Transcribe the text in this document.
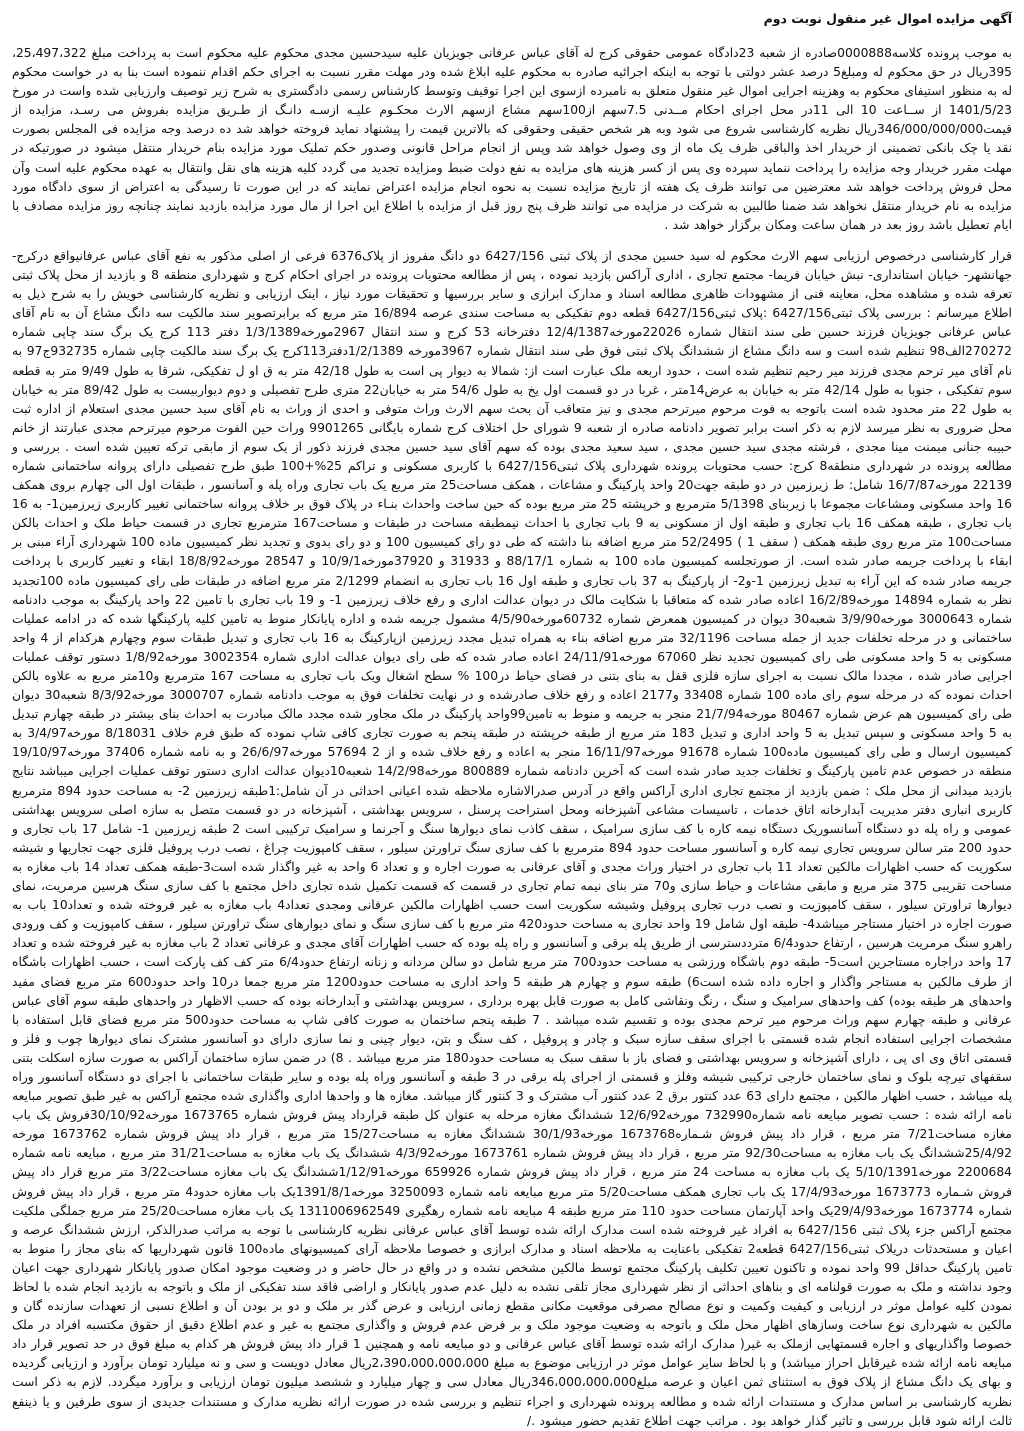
آگهی مزایده اموال غیر منقول نوبت دوم

به موجب پرونده کلاسه0000888صادره از شعبه 23دادگاه عمومی حقوقی کرج له آقای عباس عرفانی جویزیان علیه سیدحسین مجدی محکوم علیه محکوم است به پرداخت مبلغ 25،497،322، 395ریال در حق محکوم له ومبلغ5 درصد عشر دولتی با توجه به اینکه اجرائیه صادره به محکوم علیه ابلاغ شده ودر مهلت مقرر نسبت به اجرای حکم اقدام ننموده است بنا به در خواست محکوم له به منظور استیفای محکوم به وهزینه اجرایی اموال غیر منقول متعلق به نامبرده ازسوی این اجرا توقیف وتوسط کارشناس رسمی دادگستری به شرح زیر توصیف وارزیابی شده واست در مورخ 1401/5/23 از ســاعت 10 الی 11در محل اجرای احکام مــدنی 7.5سهم از100سهم مشاع ازسهم الارث محکـوم علیـه ازسـه دانـگ از طـریق مزایده بفروش می رسـد، مزایده از قیمت346/000/000/000ریال نظریه کارشناسی شروع می شود وبه هر شخص حقیقی وحقوقی که بالاترین قیمت را پیشنهاد نماید فروخته خواهد شد ده درصد وجه مزایده فی المجلس بصورت نقد یا چک بانکی تضمینی از خریدار اخذ والباقی ظرف یک ماه از وی وصول خواهد شد وپس از انجام مراحل قانونی وصدور حکم تملیک مورد مزایده بنام خریدار منتقل میشود در صورتیکه در مهلت مقرر خریدار وجه مزایده را پرداخت ننماید سپرده وی پس از کسر هزینه های مزایده به نفع دولت ضبط ومزایده تجدید می گردد کلیه هزینه های نقل وانتقال به عهده محکوم علیه است وآن محل فروش پرداخت خواهد شد معترضین می توانند ظرف یک هفته از تاریخ مزایده نسبت به نحوه انجام مزایده اعتراض نمایند که در این صورت تا رسیدگی به اعتراض از سوی دادگاه مورد مزایده به نام خریدار منتقل نخواهد شد ضمنا طالبین به شرکت در مزایده می توانند ظرف پنج روز قبل از مزایده با اطلاع این اجرا از مال مورد مزایده بازدید نمایند چنانچه روز مزایده مصادف با ایام تعطیل باشد روز بعد در همان ساعت ومکان برگزار خواهد شد .

قرار کارشناسی درخصوص ارزیابی سهم الارث محکوم له سید حسین مجدی از پلاک ثبتی 6427/156 دو دانگ مفروز از پلاک6376 فرعی از اصلی مذکور به نفع آقای عباس عرفانیواقع درکرج-جهانشهر- خیابان استانداری- نبش خیابان فریما- مجتمع تجاری ، اداری آراکس بازدید نموده ، پس از مطالعه محتویات پرونده در اجرای احکام کرج و شهرداری منطقه 8 و بازدید از محل پلاک ثبتی تعرفه شده و مشاهده محل، معاینه فنی از مشهودات ظاهری مطالعه اسناد و مدارک ابرازی و سایر بررسیها و تحقیقات مورد نیاز ، اینک ارزیابی و نظریه کارشناسی خویش را به شرح ذیل به اطلاع میرسانم : بررسی پلاک ثبتی6427/156 :پلاک ثبتی6427/156 قطعه دوم تفکیکی به مساحت سندی عرصه 16/894 متر مربع که برابرتصویر سند مالکیت سه دانگ مشاع آن به نام آقای عباس عرفانی جویزیان فرزند حسین طی سند انتقال شماره 22026مورخه12/4/1387 دفترخانه 53 کرج و سند انتقال 2967مورخه1/3/1389 دفتر 113 کرج یک برگ سند چاپی شماره 270272الف98 تنظیم شده است و سه دانگ مشاع از ششدانگ پلاک ثبتی فوق طی سند انتقال شماره 3967مورخه 1/2/1389دفتر113کرج یک برگ سند مالکیت چاپی شماره 932735ج97 به نام آقای میر ترحم مجدی فرزند میر رحیم تنظیم شده است ، حدود اربعه ملک عبارت است از: شمالا به دیوار پی است به طول 42/18 متر به ق او ل تفکیکی، شرقا به طول 9/49 متر به قطعه سوم تفکیکی ، جنوبا به طول 42/14 متر به خیابان به عرض14متر ، غربا در دو قسمت اول یخ به طول 54/6 متر به خیابان22 متری طرح تفصیلی و دوم دیواربیست به طول 89/42 متر به خیابان به طول 22 متر محدود شده است باتوجه به فوت مرحوم میرترحم مجدی و نیز متعاقب آن بحث سهم الارث وراث متوفی و احدی از وراث به نام آقای سید حسین مجدی استعلام از اداره ثبت محل ضروری به نظر میرسد لازم به ذکر است برابر تصویر دادنامه صادره از شعبه 9 شورای حل اختلاف کرج شماره بایگانی 9901265 وراث حین الفوت مرحوم میرترحم مجدی عبارتند از خانم حبیبه جنانی میمنت مینا مجدی ، فرشته مجدی سید حسین مجدی ، سید سعید مجدی بوده که سهم آقای سید حسین مجدی فرزند ذکور از یک سوم از مابقی ترکه تعیین شده است . بررسی و مطالعه پرونده در شهرداری منطقه8 کرج: حسب محتویات پرونده شهرداری پلاک ثبتی6427/156 با کاربری مسکونی و تراکم 25%+100 طبق طرح تفصیلی دارای پروانه ساختمانی شماره 22139 مورخه16/7/87 شامل: ط زیرزمین در دو طبقه جهت20 واحد پارکینگ و مشاعات ، همکف مساحت25 متر مربع یک باب تجاری وراه پله و آسانسور ، طبقات اول الی چهارم بروی همکف 16 واحد مسکونی ومشاعات مجموعا با زیربنای 5/1398 مترمربع و خرپشته 25 متر مربع بوده که حین ساخت واحداث بنـاء در پلاک فوق بر خلاف پروانه ساختمانی تغییر کاربری زیرزمین1- به 16 باب تجاری ، طبقه همکف 16 باب تجاری و طبقه اول از مسکونی به 9 باب تجاری با احداث نیمطبقه مساحت در طبقات و مساحت167 مترمربع تجاری در قسمت حیاط ملک و احداث بالکن مساحت100 متر مربع روی طبقه همکف ( سقف 1 ) 52/2495 متر مربع اضافه بنا داشته که طی دو رای کمیسیون 100 و دو رای بدوی و تجدید نظر کمیسیون ماده 100 شهرداری آراء مبنی بر ابقاء با پرداخت جریمه صادر شده است. از صورتجلسه کمیسیون ماده 100 به شماره 88/17/1 و 31933 و 37920مورخه10/9/1 و 28547 مورخه18/8/92 ابقاء و تغییر کاربری با پرداخت جریمه صادر شده که این آراء به تبدیل زیرزمین 1-و2- از پارکینگ به 37 باب تجاری و طبقه اول 16 باب تجاری به انضمام 2/1299 متر مربع اضافه در طبقات طی رای کمیسیون ماده 100تجدید نظر به شماره 14894 مورخه16/2/89 اعاده صادر شده که متعاقبا با شکایت مالک در دیوان عدالت اداری و رفع خلاف زیرزمین 1- و 19 باب تجاری با تامین 22 واحد پارکینگ به موجب دادنامه شماره 3000643 مورخه3/9/90 شعبه30 دیوان در کمیسیون همعرض شماره 60732مورخه4/5/90 مشمول جریمه شده و اداره پایانکار منوط به تامین کلیه پارکینگها شده که در ادامه عملیات ساختمانی و در مرحله تخلفات جدید از جمله مساحت 32/1196 متر مربع اضافه بناء به همراه تبدیل مجدد زیرزمین ازپارکینگ به 16 باب تجاری و تبدیل طبقات سوم وچهارم هرکدام از 4 واحد مسکونی به 5 واحد مسکونی طی رای کمیسیون تجدید نظر 67060 مورخه24/11/91 اعاده صادر شده که طی رای دیوان عدالت اداری شماره 3002354 مورخه1/8/92 دستور توقف عملیات اجرایی صادر شده ، مجددا مالک نسبت به اجرای سازه فلزی قفل به بنای بتنی در فضای حیاط در100 % سطح اشغال ویک باب تجاری به مساحت 167 مترمربع و10متر مربع به علاوه بالکن احداث نموده که در مرحله سوم رای ماده 100 شماره 33408 و2177 اعاده و رفع خلاف صادرشده و در نهایت تخلفات فوق به موجب دادنامه شماره 3000707 مورخه8/3/92 شعبه30 دیوان طی رای کمیسیون هم عرض شماره 80467 مورخه21/7/94 منجر به جریمه و منوط به تامین99واحد پارکینگ در ملک مجاور شده مجدد مالک مبادرت به احداث بنای بیشتر در طبقه چهارم تبدیل به 5 واحد مسکونی و سپس تبدیل به 5 واحد اداری و تبدیل 183 متر مربع از طبقه خرپشته در طبقه پنجم به صورت تجاری کافی شاپ نموده که طبق فرم خلاف 8/18031 مورخه3/4/97 به کمیسیون ارسال و طی رای کمیسیون ماده100 شماره 91678 مورخه16/11/97 منجر به اعاده و رفع خلاف شده و از 2 57694 مورخه26/6/97 و به نامه شماره 37406 مورخه19/10/97 منطقه در خصوص عدم تامین پارکینگ و تخلفات جدید صادر شده است که آخرین دادنامه شماره 800889 مورخه14/2/98 شعبه10دیوان عدالت اداری دستور توقف عملیات اجرایی میباشد نتایج بازدید میدانی از محل ملک : ضمن بازدید از مجتمع تجاری اداری آراکس واقع در آدرس صدرالاشاره ملاحظه شده اعیانی احداثی در آن شامل:1طبقه زیرزمین 2- به مساحت حدود 894 مترمربع کاربری انباری دفتر مدیریت آبدارخانه اتاق خدمات ، تاسیسات مشاعی آشپزخانه ومحل استراحت پرسنل ، سرویس بهداشتی ، آشپزخانه در دو قسمت متصل به سازه اصلی سرویس بهداشتی عمومی و راه پله دو دستگاه آسانسوریک دستگاه نیمه کاره با کف سازی سرامیک ، سقف کاذب نمای دیوارها سنگ و آجرنما و سرامیک ترکیبی است 2 طبقه زیرزمین 1- شامل 17 باب تجاری و حدود 200 متر سالن سرویس تجاری نیمه کاره و آسانسور مساحت حدود 894 مترمربع با کف سازی سنگ تراورتن سیلور ، سقف کامپوزیت چراغ ، نصب درب پروفیل فلزی جهت تجاریها و شیشه سکوریت که حسب اظهارات مالکین تعداد 11 باب تجاری در اختیار وراث مجدی و آقای عرفانی به صورت اجاره و و تعداد 6 واحد به غیر واگذار شده است3-طبقه همکف تعداد 14 باب مغازه به مساحت تقریبی 375 متر مربع و مابقی مشاعات و حیاط سازی و70 متر بنای نیمه تمام تجاری در قسمت که قسمت تکمیل شده تجاری داخل مجتمع با کف سازی سنگ هرسین مرمریت، نمای دیوارها تراورتن سیلور ، سقف کامپوزیت و نصب درب تجاری پروفیل وشیشه سکوریت است حسب اظهارات مالکین عرفانی ومجدی تعداد4 باب مغازه به غیر فروخته شده و تعداد10 باب به صورت اجاره در اختیار مستاجر میباشد4- طبقه اول شامل 19 واحد تجاری به مساحت حدود420 متر مربع با کف سازی سنگ و نمای دیوارهای سنگ تراورتن سیلور ، سقف کامپوزیت و کف ورودی راهرو سنگ مرمریت هرسین ، ارتفاع حدود6/4 مترددسترسی از طریق پله برقی و آسانسور و راه پله بوده که حسب اظهارات آقای مجدی و عرفانی تعداد 2 باب مغازه به غیر فروخته شده و تعداد 17 واحد دراجاره مستاجرین است5- طبقه دوم باشگاه ورزشی به مساحت حدود700 متر مربع شامل دو سالن مردانه و زنانه ارتفاع حدود6/4 متر کف کف پارکت است ، حسب اظهارات باشگاه از طرف مالکین به مستاجر واگذار و اجاره داده شده است6) طبقه سوم و چهارم هر طبقه 5 واحد اداری به مساحت حدود1200 متر مربع جمعا در10 واحد حدود600 متر مربع فضای مفید واحدهای هر طبقه بوده) کف واحدهای سرامیک و سنگ ، رنگ ونقاشی کامل به صورت قابل بهره برداری ، سرویس بهداشتی و آبدارخانه بوده که حسب الاظهار در واحدهای طبقه سوم آقای عباس عرفانی و طبقه چهارم سهم وراث مرحوم میر ترحم مجدی بوده و تقسیم شده میباشد . 7 طبقه پنجم ساختمان به صورت کافی شاپ به مساحت حدود500 متر مربع فضای قابل استفاده با مشخصات اجرایی استفاده انجام شده قسمتی با اجرای سقف سازه سبک و چادر و پروفیل ، کف سنگ و بتن، دیوار چینی و نما سازی دارای دو آسانسور مشترک نمای دیوارها چوب و فلز و قسمتی اتاق وی ای پی ، دارای آشپزخانه و سرویس بهداشتی و فضای باز با سقف سبک به مساحت حدود180 متر مربع میباشد . 8) در ضمن سازه ساختمان آراکس به صورت سازه اسکلت بتنی سقفهای تیرچه بلوک و نمای ساختمان خارجی ترکیبی شیشه وفلز و قسمتی از اجرای پله برقی در 3 طبقه و آسانسور وراه پله بوده و سایر طبقات ساختمانی با اجرای دو دستگاه آسانسور وراه پله میباشد ، حسب اظهار مالکین ، مجتمع دارای 63 عدد کنتور برق 2 عدد کنتور آب مشترک و 3 کنتور گاز میباشد. مغازه ها و واحدها اداری واگذاری شده مجتمع آراکس به غیر طبق تصویر مبایعه نامه ارائه شده : حسب تصویر مبایعه نامه شماره732990 مورخه12/6/92 ششدانگ مغازه مرحله به عنوان کل طبقه قرارداد پیش فروش شماره 1673765 مورخه30/10/92فروش یک باب مغازه مساحت7/21 متر مربع ، قرار داد پیش فروش شـماره1673768 مورخه30/1/93 ششدانگ مغازه به مساحت15/27 متر مربع ، قرار داد پیش فروش شماره 1673762 مورخه 25/4/92ششدانگ یک باب مغازه به مساحت92/30 متر مربع ، قرار داد پیش فروش شماره 1673761 مورخه4/3/92 ششدانگ یک باب مغازه به مساحت31/21 متر مربع ، مبایعه نامه شماره 2200684 مورخه5/10/1391 یک باب مغازه به مساحت 24 متر مربع ، قرار داد پیش فروش شماره 659926 مورخه1/12/91ششدانگ یک باب مغازه مساحت3/22 متر مربع قرار داد پیش فروش شـماره 1673773 مورخه17/4/93 یک باب تجاری همکف مساحت5/20 متر مربع مبایعه نامه شماره 3250093 مورخه1391/8/1یک باب مغازه حدود4 متر مربع ، قرار داد پیش فروش شماره 1673774 مورخه29/4/93یک واحد آپارتمان مساحت حدود 110 متر مربع طبقه 4 مبایعه نامه شماره رهگیری 1311006962549 یک باب مغازه مساحت25/20 متر مربع جملگی ملکیت مجتمع آراکس جزء پلاک ثبتی 6427/156 به افراد غیر فروخته شده است مدارک ارائه شده توسط آقای عباس عرفانی نظریه کارشناسی با توجه به مراتب صدرالذکر، ارزش ششدانگ عرصه و اعیان و مستحدثات دریلاک ثبتی6427/156 قطعه2 تفکیکی باعنایت به ملاحظه اسناد و مدارک ابرازی و خصوصا ملاحظه آرای کمیسیونهای ماده100 قانون شهرداریها که بنای مجاز را منوط به تامین پارکینگ حداقل 99 واحد نموده و تاکنون تعیین تکلیف پارکینگ مجتمع توسط مالکین مشخص نشده و در واقع در حال حاضر و در وضعیت موجود امکان صدور پایانکار شهرداری جهت اعیان وجود نداشته و ملک به صورت قولنامه ای و بناهای احداثی از نظر شهرداری مجاز تلقی نشده به دلیل عدم صدور پایانکار و اراضی فاقد سند تفکیکی از ملک و باتوجه به بازدید انجام شده با لحاظ نمودن کلیه عوامل موثر در ارزیابی و کیفیت وکمیت و نوع مصالح مصرفی موقعیت مکانی مقطع زمانی ارزیابی و عرض گذر بر ملک و دو بر بودن آن و اطلاع نسبی از تعهدات سازنده گان و مالکین به شهرداری نوع ساخت وسازهای اظهار محل ملک و باتوجه به وضعیت موجود ملک و بر فرض عدم فروش و واگذاری مجتمع به غیر و عدم اطلاع دقیق از حقوق مکتسبه افراد در ملک خصوصا واگذاریهای و اجاره قسمتهایی ازملک به غیر( مدارک ارائه شده توسط آقای عباس عرفانی و دو مبایعه نامه و همچنین 1 قرار داد پیش فروش هر کدام به مبلغ فوق در حد تصویر قرار داد مبایعه نامه ارائه شده غیرقابل احراز میباشد) و با لحاظ سایر عوامل موثر در ارزیابی موضوع به مبلغ 2،390،000،000،000ریال معادل دویست و سی و نه میلیارد تومان برآورد و ارزیابی گردیده و بهای یک دانگ مشاع از پلاک فوق به استثنای ثمن اعیان و عرصه مبلغ346،000،000،000ریال معادل سی و چهار میلیارد و ششصد میلیون تومان ارزیابی و برآورد میگردد. لازم به ذکر است نظریه کارشناسی بر اساس مدارک و مستندات ارائه شده و مطالعه پرونده شهرداری و اجراء تنظیم و بررسی شده در صورت ارائه نظریه مدارک و مستندات جدیدی از سوی طرفین و یا ذینفع ثالث ارائه شود قابل بررسی و تاثیر گذار خواهد بود . مراتب جهت اطلاع تقدیم حضور میشود ./
